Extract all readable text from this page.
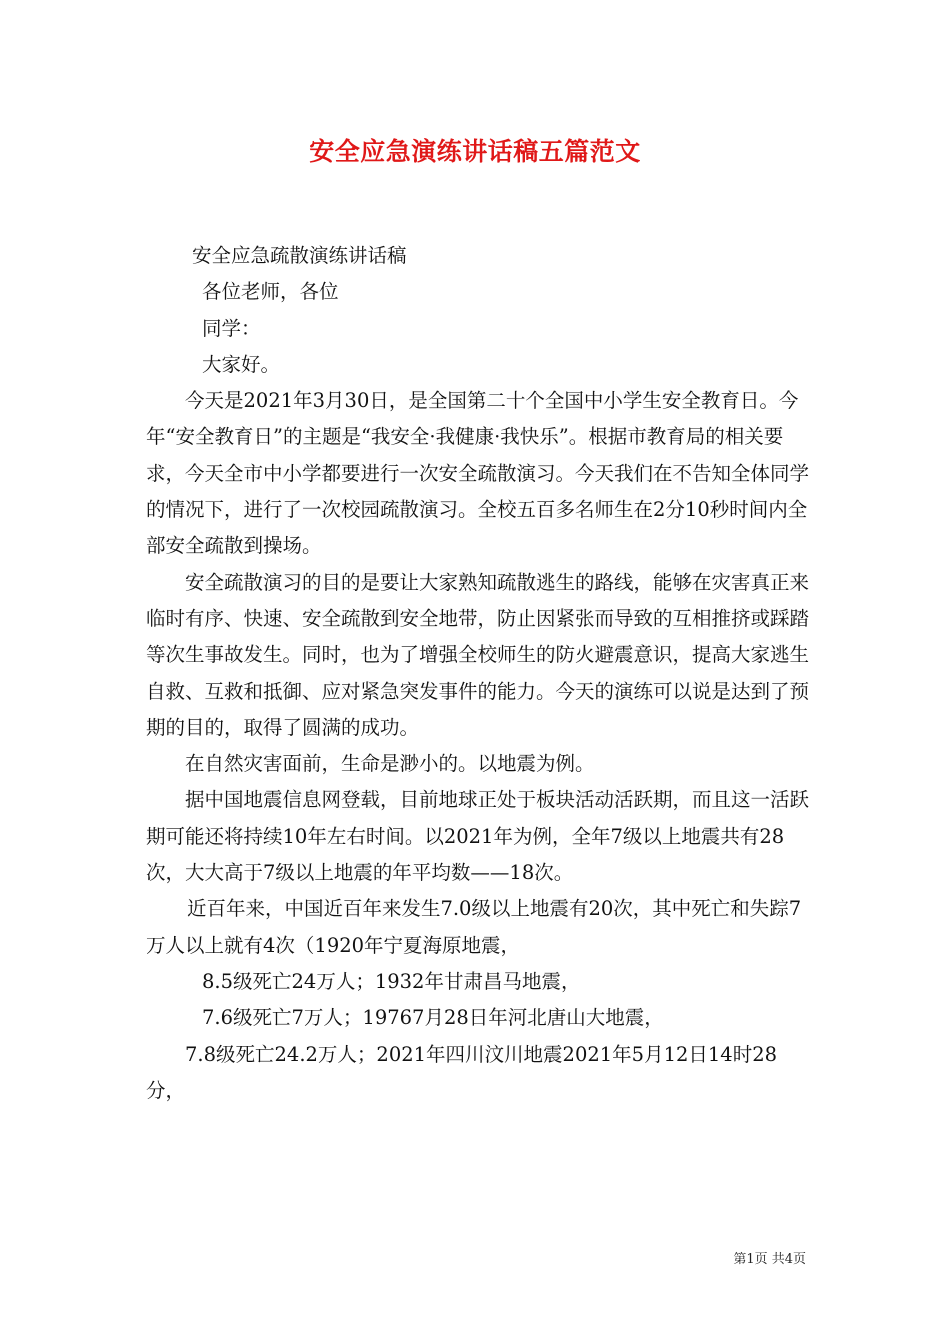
安全应急演练讲话稿五篇范文

安全应急疏散演练讲话稿

各位老师，各位

同学：

大家好。

今天是2021年3月30日，是全国第二十个全国中小学生安全教育日。今年“安全教育日”的主题是“我安全·我健康·我快乐”。根据市教育局的相关要求，今天全市中小学都要进行一次安全疏散演习。今天我们在不告知全体同学的情况下，进行了一次校园疏散演习。全校五百多名师生在2分10秒时间内全部安全疏散到操场。

安全疏散演习的目的是要让大家熟知疏散逃生的路线，能够在灾害真正来临时有序、快速、安全疏散到安全地带，防止因紧张而导致的互相推挤或踩踏等次生事故发生。同时，也为了增强全校师生的防火避震意识，提高大家逃生自救、互救和抵御、应对紧急突发事件的能力。今天的演练可以说是达到了预期的目的，取得了圆满的成功。

在自然灾害面前，生命是渺小的。以地震为例。

据中国地震信息网登载，目前地球正处于板块活动活跃期，而且这一活跃期可能还将持续10年左右时间。以2021年为例，全年7级以上地震共有28次，大大高于7级以上地震的年平均数——18次。

近百年来，中国近百年来发生7.0级以上地震有20次，其中死亡和失踪7万人以上就有4次（1920年宁夏海原地震，

8.5级死亡24万人；1932年甘肃昌马地震，

7.6级死亡7万人；19767月28日年河北唐山大地震，

7.8级死亡24.2万人；2021年四川汶川地震2021年5月12日14时28分，

第1页 共4页
